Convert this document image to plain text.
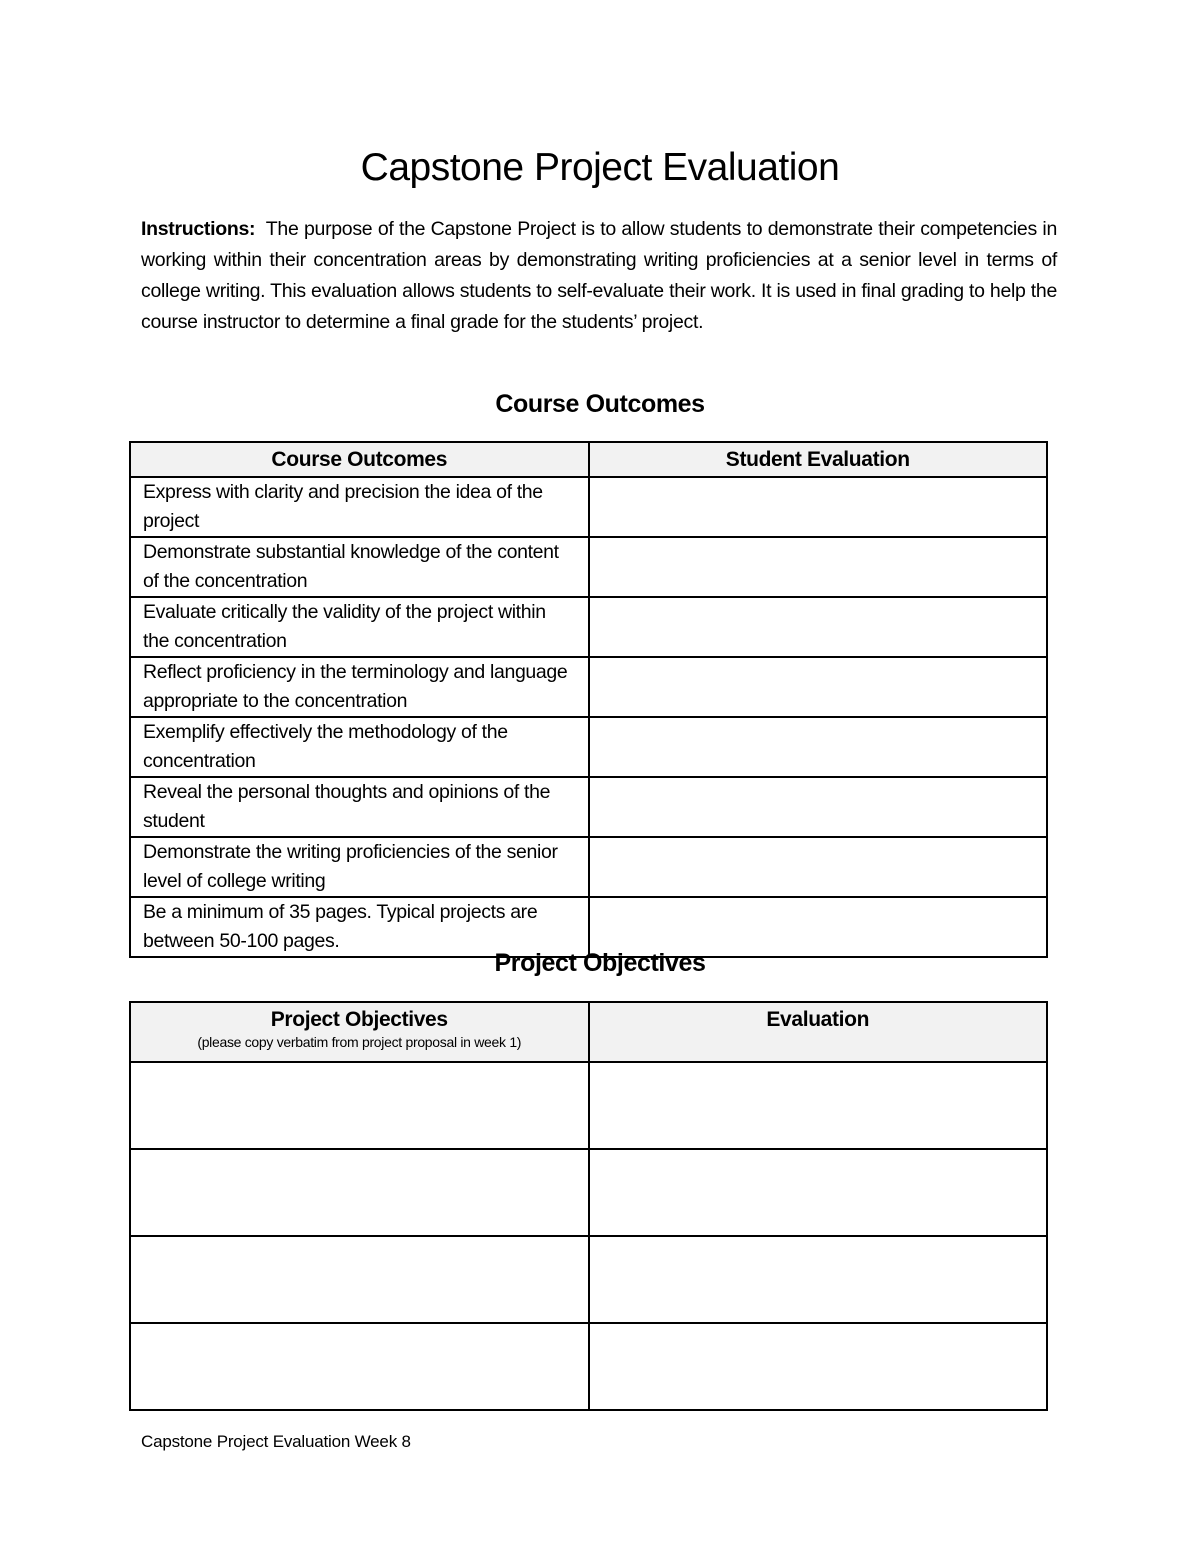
Capstone Project Evaluation
Instructions: The purpose of the Capstone Project is to allow students to demonstrate their competencies in working within their concentration areas by demonstrating writing proficiencies at a senior level in terms of college writing. This evaluation allows students to self-evaluate their work. It is used in final grading to help the course instructor to determine a final grade for the students’ project.
Course Outcomes
Course Outcomes	Student Evaluation
Express with clarity and precision the idea of the project	
Demonstrate substantial knowledge of the content of the concentration	
Evaluate critically the validity of the project within the concentration	
Reflect proficiency in the terminology and language appropriate to the concentration	
Exemplify effectively the methodology of the concentration	
Reveal the personal thoughts and opinions of the student	
Demonstrate the writing proficiencies of the senior level of college writing	
Be a minimum of 35 pages. Typical projects are between 50-100 pages.	
Project Objectives
Project Objectives
(please copy verbatim from project proposal in week 1)	Evaluation

Capstone Project Evaluation Week 8
